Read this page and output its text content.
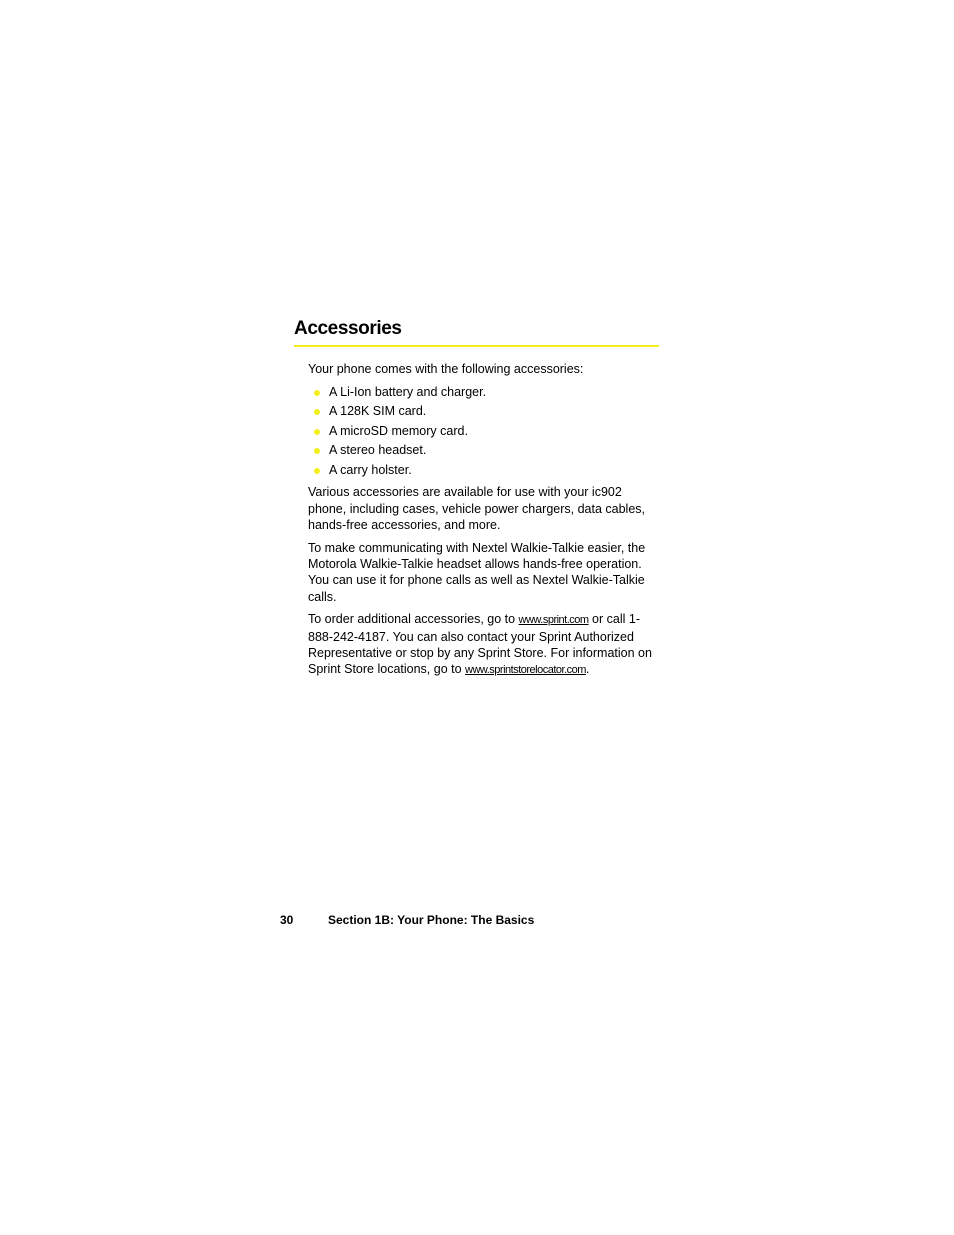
Accessories

Your phone comes with the following accessories:

A Li-Ion battery and charger.
A 128K SIM card.
A microSD memory card.
A stereo headset.
A carry holster.

Various accessories are available for use with your ic902 phone, including cases, vehicle power chargers, data cables, hands-free accessories, and more.

To make communicating with Nextel Walkie-Talkie easier, the Motorola Walkie-Talkie headset allows hands-free operation. You can use it for phone calls as well as Nextel Walkie-Talkie calls.

To order additional accessories, go to www.sprint.com or call 1-888-242-4187. You can also contact your Sprint Authorized Representative or stop by any Sprint Store. For information on Sprint Store locations, go to www.sprintstorelocator.com.

30	Section 1B: Your Phone: The Basics
